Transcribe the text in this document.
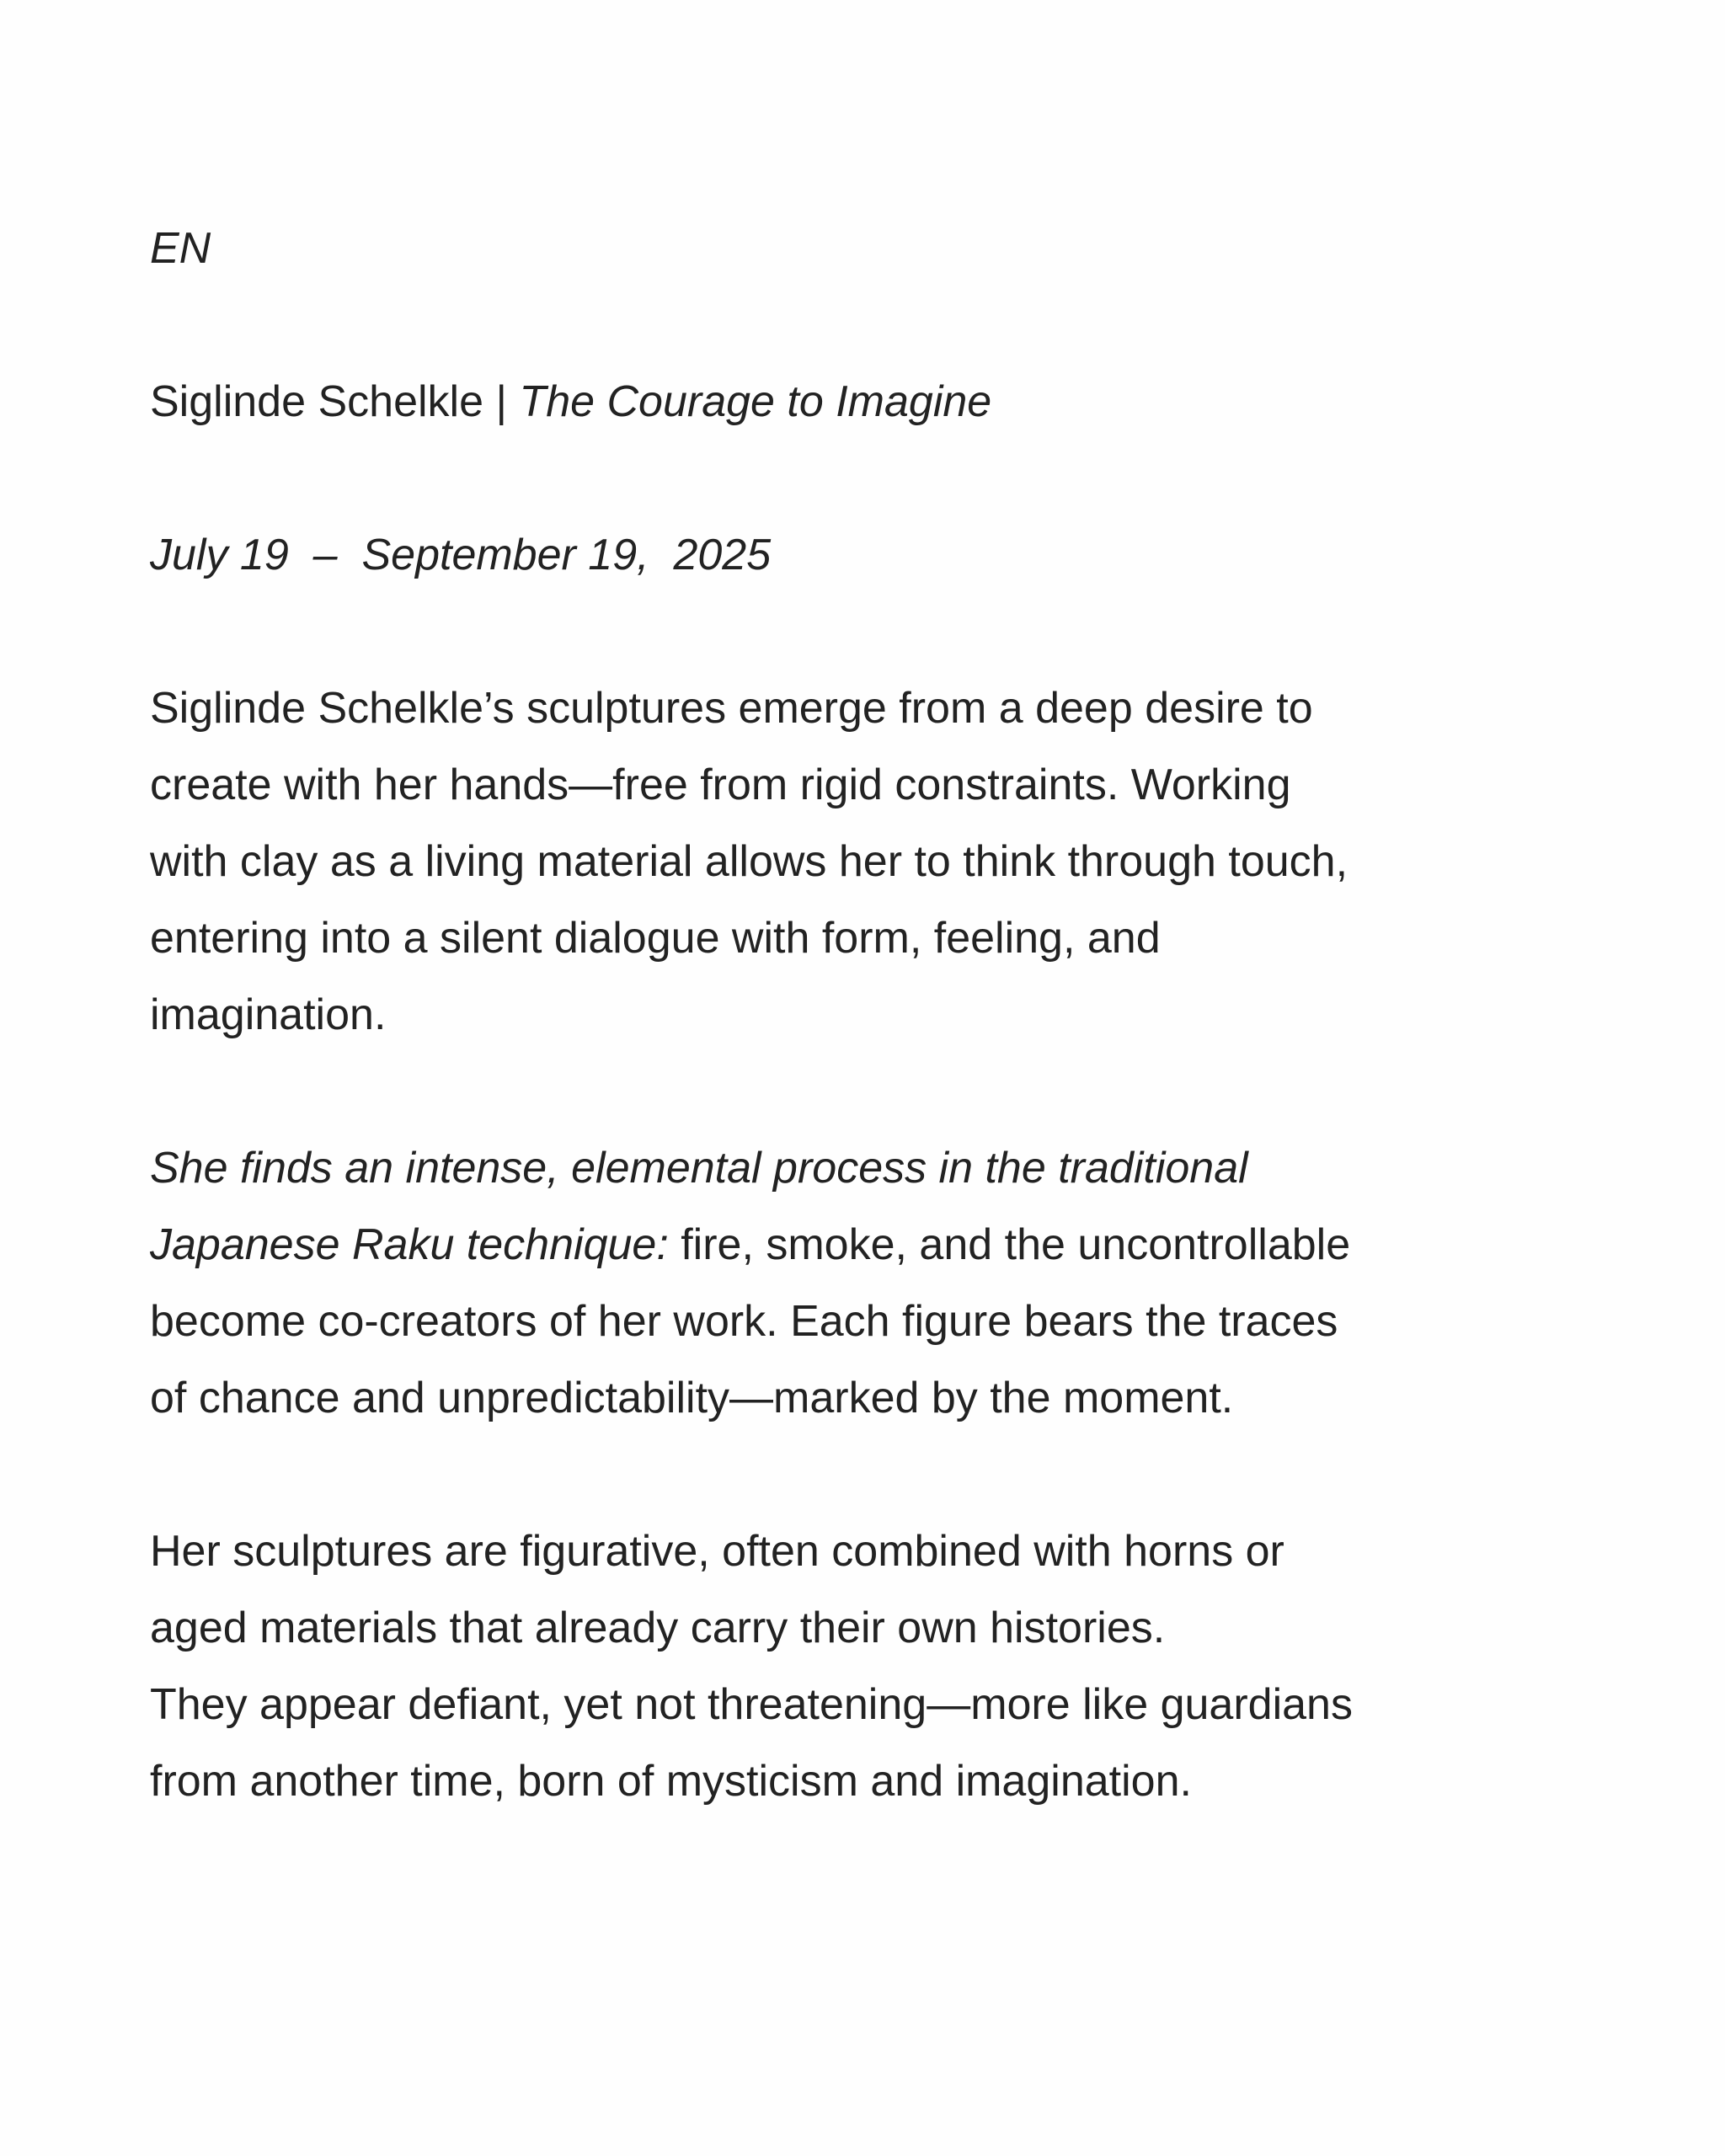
EN

Siglinde Schelkle | The Courage to Imagine

July 19  –  September 19,  2025

Siglinde Schelkle’s sculptures emerge from a deep desire to

create with her hands—free from rigid constraints. Working

with clay as a living material allows her to think through touch,

entering into a silent dialogue with form, feeling, and

imagination.

She finds an intense, elemental process in the traditional

Japanese Raku technique: fire, smoke, and the uncontrollable

become co-creators of her work. Each figure bears the traces

of chance and unpredictability—marked by the moment.

Her sculptures are figurative, often combined with horns or

aged materials that already carry their own histories.

They appear defiant, yet not threatening—more like guardians

from another time, born of mysticism and imagination.
